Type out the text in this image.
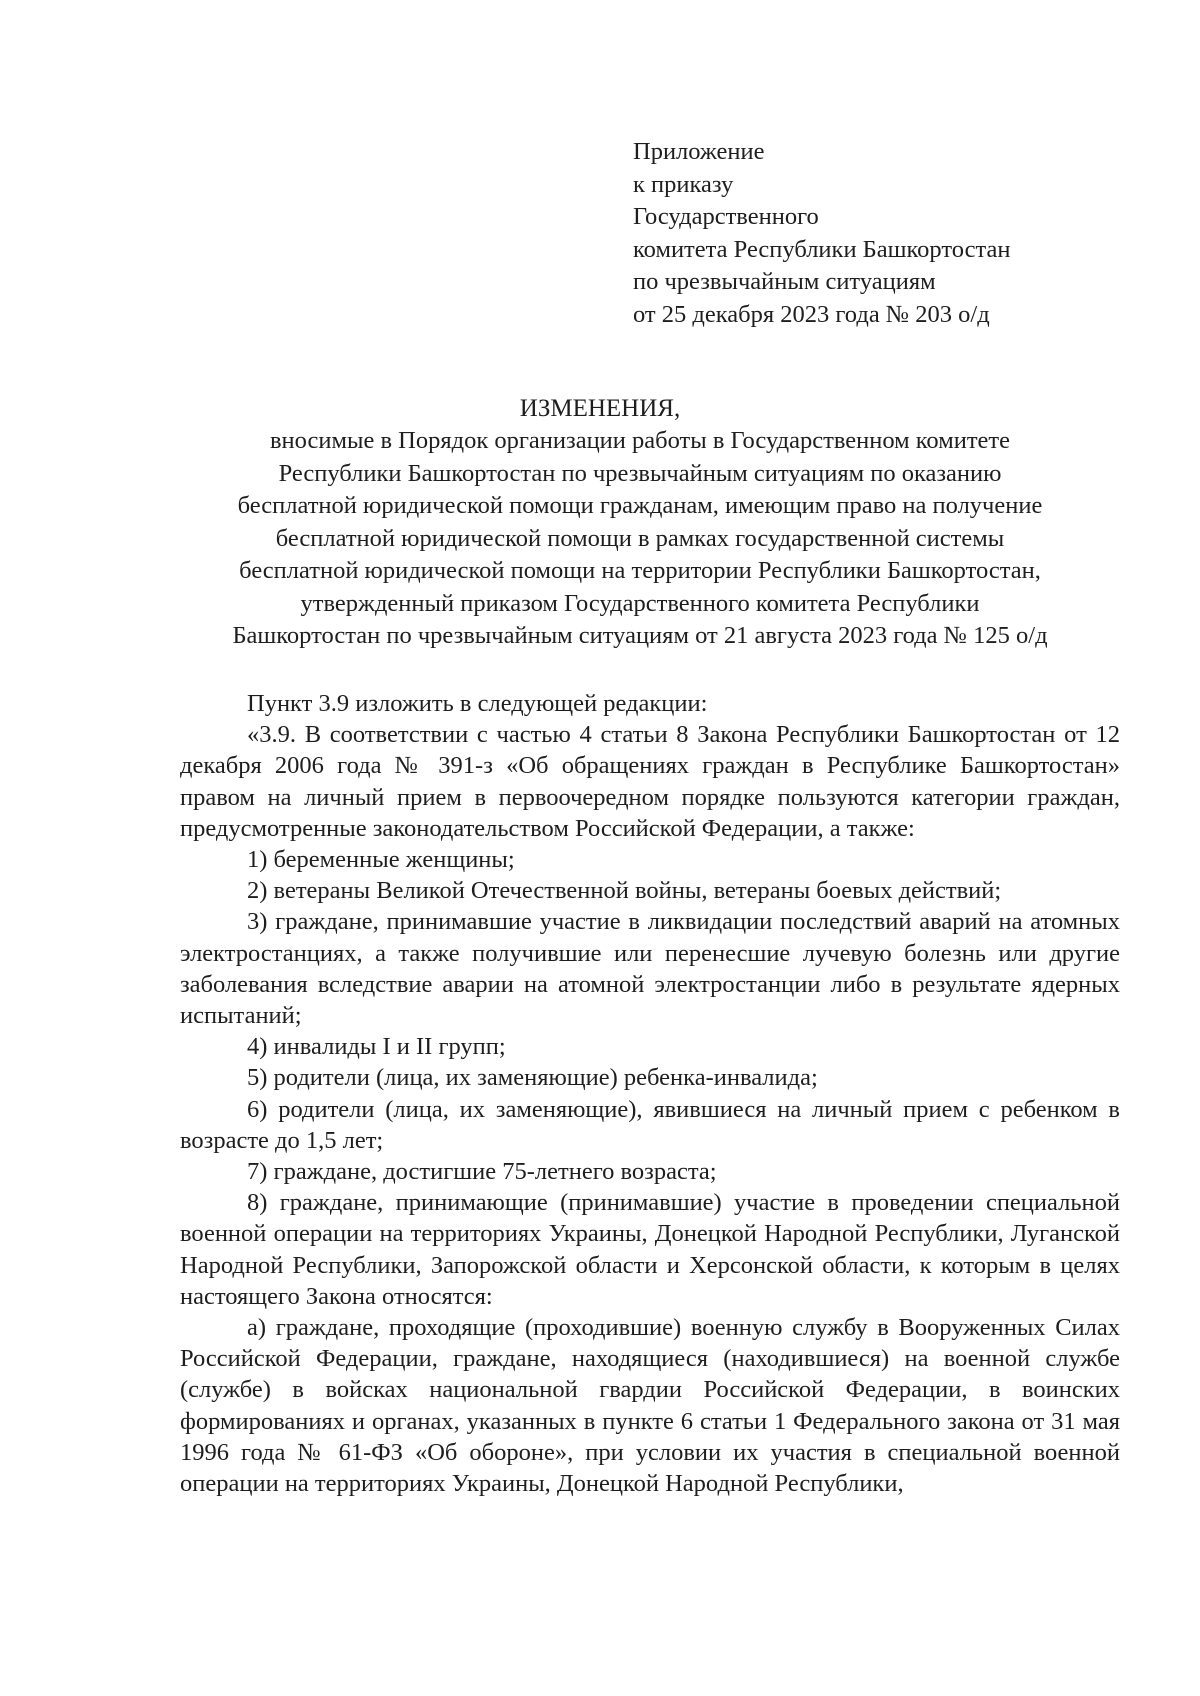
Приложение
к приказу
Государственного
комитета Республики Башкортостан
по чрезвычайным ситуациям
от 25 декабря 2023 года № 203 о/д
ИЗМЕНЕНИЯ,
вносимые в Порядок организации работы в Государственном комитете
Республики Башкортостан по чрезвычайным ситуациям по оказанию
бесплатной юридической помощи гражданам, имеющим право на получение
бесплатной юридической помощи в рамках государственной системы
бесплатной юридической помощи на территории Республики Башкортостан,
утвержденный приказом Государственного комитета Республики
Башкортостан по чрезвычайным ситуациям от 21 августа 2023 года № 125 о/д

Пункт 3.9 изложить в следующей редакции:

«3.9. В соответствии с частью 4 статьи 8 Закона Республики Башкортостан от 12 декабря 2006 года № 391-з «Об обращениях граждан в Республике Башкортостан» правом на личный прием в первоочередном порядке пользуются категории граждан, предусмотренные законодательством Российской Федерации, а также:

1) беременные женщины;

2) ветераны Великой Отечественной войны, ветераны боевых действий;

3) граждане, принимавшие участие в ликвидации последствий аварий на атомных электростанциях, а также получившие или перенесшие лучевую болезнь или другие заболевания вследствие аварии на атомной электростанции либо в результате ядерных испытаний;

4) инвалиды I и II групп;

5) родители (лица, их заменяющие) ребенка-инвалида;

6) родители (лица, их заменяющие), явившиеся на личный прием с ребенком в возрасте до 1,5 лет;

7) граждане, достигшие 75-летнего возраста;

8) граждане, принимающие (принимавшие) участие в проведении специальной военной операции на территориях Украины, Донецкой Народной Республики, Луганской Народной Республики, Запорожской области и Херсонской области, к которым в целях настоящего Закона относятся:

а) граждане, проходящие (проходившие) военную службу в Вооруженных Силах Российской Федерации, граждане, находящиеся (находившиеся) на военной службе (службе) в войсках национальной гвардии Российской Федерации, в воинских формированиях и органах, указанных в пункте 6 статьи 1 Федерального закона от 31 мая 1996 года № 61-ФЗ «Об обороне», при условии их участия в специальной военной операции на территориях Украины, Донецкой Народной Республики,
